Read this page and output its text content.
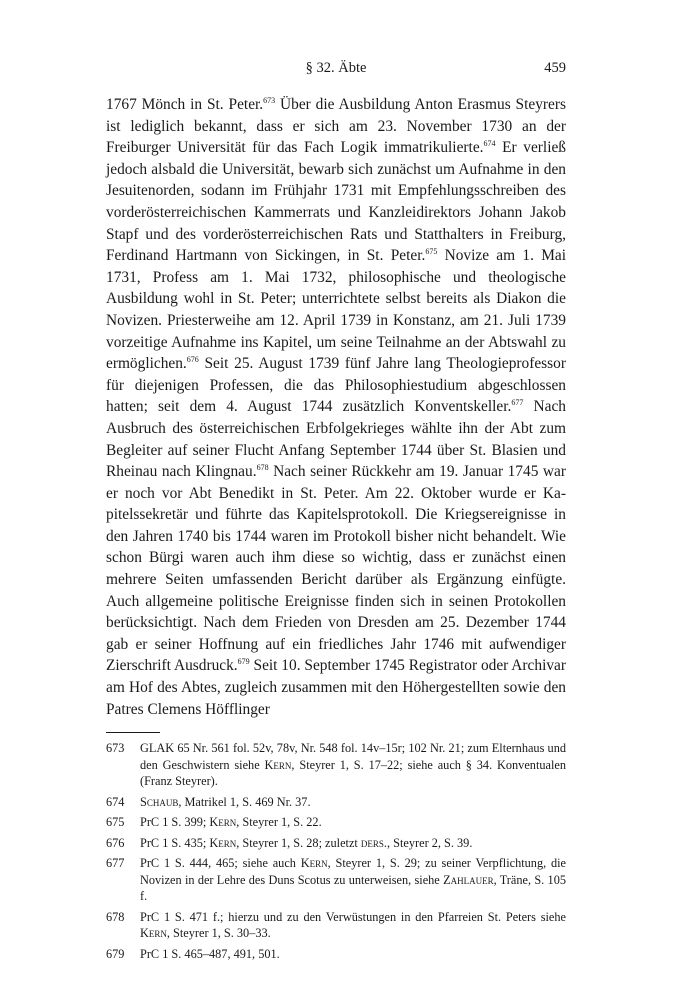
§ 32. Äbte	459

1767 Mönch in St. Peter.$^{673}$ Über die Ausbildung Anton Erasmus Steyrers ist lediglich bekannt, dass er sich am 23. November 1730 an der Freiburger Universität für das Fach Logik immatrikulierte.$^{674}$ Er verließ jedoch alsbald die Universität, bewarb sich zunächst um Aufnahme in den Jesuitenorden, sodann im Frühjahr 1731 mit Empfehlungsschreiben des vorderösterreichischen Kammerrats und Kanzleidirektors Johann Jakob Stapf und des vorderösterreichischen Rats und Statthalters in Freiburg, Ferdinand Hartmann von Sickingen, in St. Peter.$^{675}$ Novize am 1. Mai 1731, Profess am 1. Mai 1732, philosophische und theologische Ausbildung wohl in St. Peter; unterrichtete selbst bereits als Diakon die Novizen. Priesterweihe am 12. April 1739 in Konstanz, am 21. Juli 1739 vorzeitige Aufnahme ins Kapitel, um seine Teilnahme an der Abtswahl zu ermöglichen.$^{676}$ Seit 25. August 1739 fünf Jahre lang Theologieprofessor für diejenigen Professen, die das Philosophiestudium abgeschlossen hatten; seit dem 4. August 1744 zusätzlich Konventskeller.$^{677}$ Nach Ausbruch des österreichischen Erbfolgekrieges wählte ihn der Abt zum Begleiter auf seiner Flucht Anfang September 1744 über St. Blasien und Rheinau nach Klingnau.$^{678}$ Nach seiner Rückkehr am 19. Januar 1745 war er noch vor Abt Benedikt in St. Peter. Am 22. Oktober wurde er Kapitelssekretär und führte das Kapitelsprotokoll. Die Kriegsereignisse in den Jahren 1740 bis 1744 waren im Protokoll bisher nicht behandelt. Wie schon Bürgi waren auch ihm diese so wichtig, dass er zunächst einen mehrere Seiten umfassenden Bericht darüber als Ergänzung einfügte. Auch allgemeine politische Ereignisse finden sich in seinen Protokollen berücksichtigt. Nach dem Frieden von Dresden am 25. Dezember 1744 gab er seiner Hoffnung auf ein friedliches Jahr 1746 mit aufwendiger Zierschrift Ausdruck.$^{679}$ Seit 10. September 1745 Registrator oder Archivar am Hof des Abtes, zugleich zusammen mit den Höhergestellten sowie den Patres Clemens Höfflinger

673 GLAK 65 Nr. 561 fol. 52v, 78v, Nr. 548 fol. 14v–15r; 102 Nr. 21; zum Elternhaus und den Geschwistern siehe Kern, Steyrer 1, S. 17–22; siehe auch § 34. Konventualen (Franz Steyrer).
674 Schaub, Matrikel 1, S. 469 Nr. 37.
675 PrC 1 S. 399; Kern, Steyrer 1, S. 22.
676 PrC 1 S. 435; Kern, Steyrer 1, S. 28; zuletzt ders., Steyrer 2, S. 39.
677 PrC 1 S. 444, 465; siehe auch Kern, Steyrer 1, S. 29; zu seiner Verpflichtung, die Novizen in der Lehre des Duns Scotus zu unterweisen, siehe Zahlauer, Träne, S. 105 f.
678 PrC 1 S. 471 f.; hierzu und zu den Verwüstungen in den Pfarreien St. Peters siehe Kern, Steyrer 1, S. 30–33.
679 PrC 1 S. 465–487, 491, 501.
